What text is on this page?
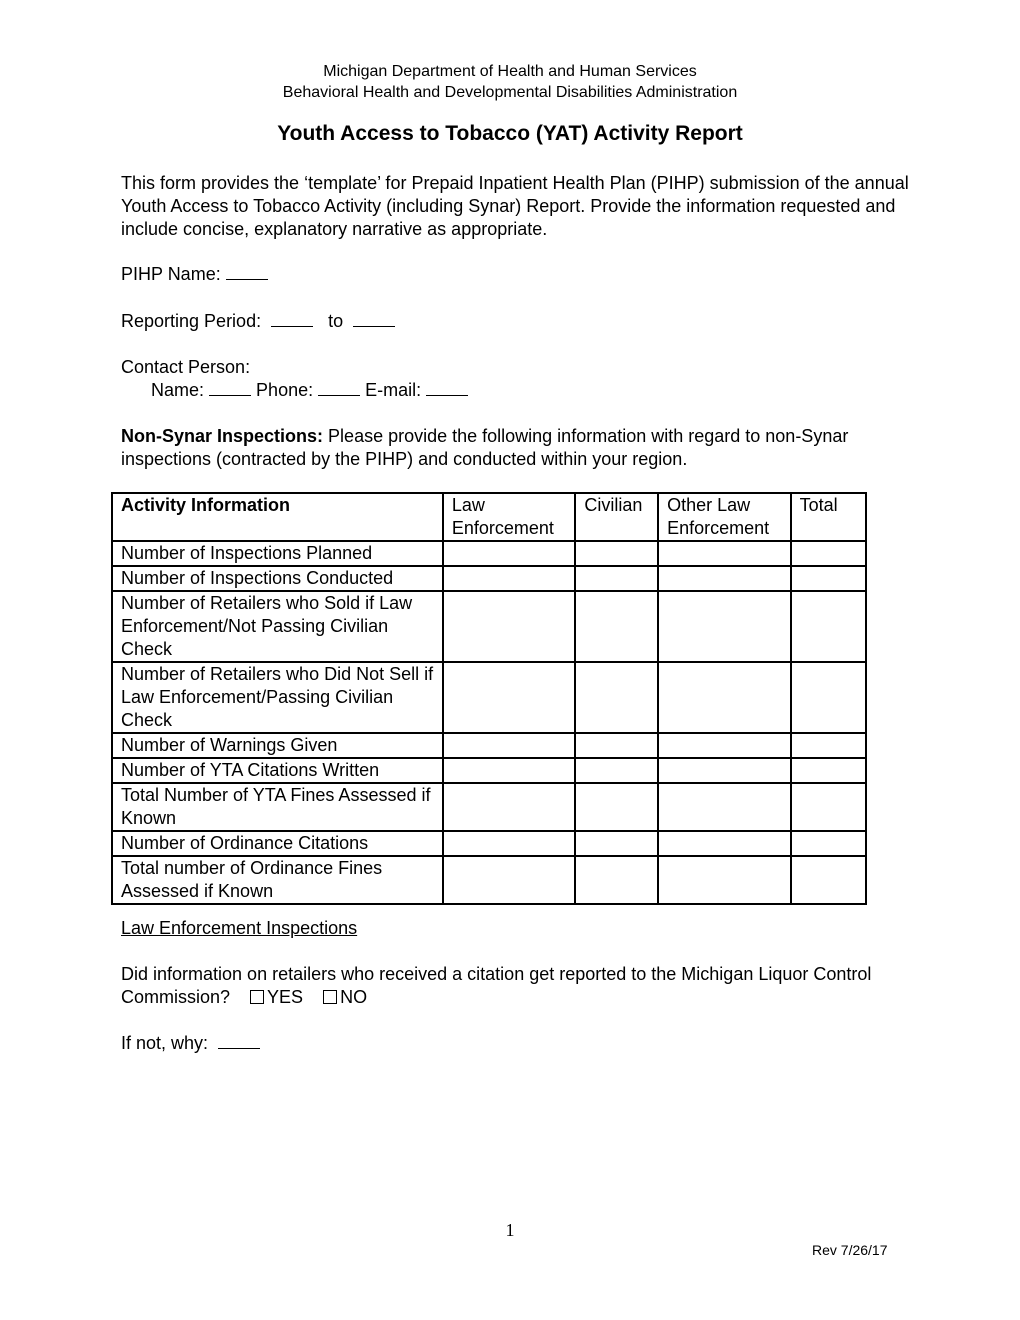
Michigan Department of Health and Human Services
Behavioral Health and Developmental Disabilities Administration
Youth Access to Tobacco (YAT) Activity Report
This form provides the ‘template’ for Prepaid Inpatient Health Plan (PIHP) submission of the annual Youth Access to Tobacco Activity (including Synar) Report. Provide the information requested and include concise, explanatory narrative as appropriate.
PIHP Name:
Reporting Period:	to
Contact Person:
Name:	Phone:	E-mail:
Non-Synar Inspections: Please provide the following information with regard to non-Synar inspections (contracted by the PIHP) and conducted within your region.
Activity Information	Law Enforcement	Civilian	Other Law Enforcement	Total
Number of Inspections Planned				
Number of Inspections Conducted				
Number of Retailers who Sold if Law Enforcement/Not Passing Civilian Check				
Number of Retailers who Did Not Sell if Law Enforcement/Passing Civilian Check				
Number of Warnings Given				
Number of YTA Citations Written				
Total Number of YTA Fines Assessed if Known				
Number of Ordinance Citations				
Total number of Ordinance Fines Assessed if Known				
Law Enforcement Inspections
Did information on retailers who received a citation get reported to the Michigan Liquor Control Commission? YES NO
If not, why:
1
Rev 7/26/17
